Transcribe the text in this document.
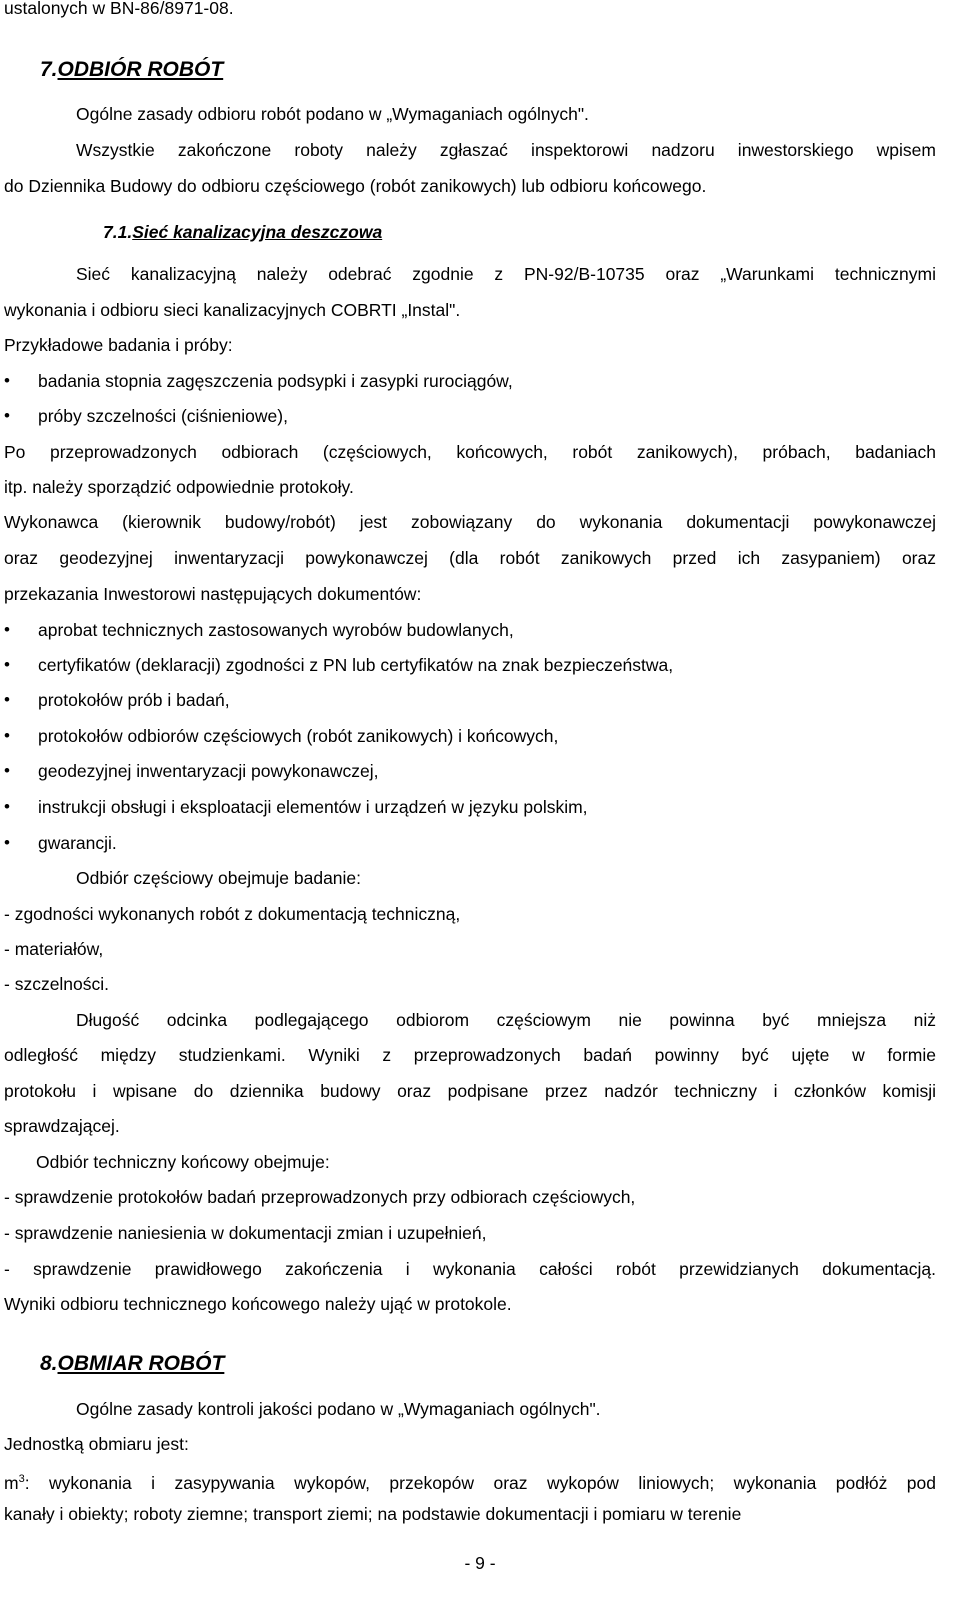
ustalonych w BN-86/8971-08.
7.ODBIÓR ROBÓT
Ogólne zasady odbioru robót podano w „Wymaganiach ogólnych".
Wszystkie zakończone roboty należy zgłaszać inspektorowi nadzoru inwestorskiego wpisem
do Dziennika Budowy do odbioru częściowego (robót zanikowych) lub odbioru końcowego.
7.1.Sieć kanalizacyjna deszczowa
Sieć kanalizacyjną należy odebrać zgodnie z PN-92/B-10735 oraz „Warunkami technicznymi
wykonania i odbioru sieci kanalizacyjnych COBRTI „Instal".
Przykładowe badania i próby:
•	badania stopnia zagęszczenia podsypki i zasypki rurociągów,
•	próby szczelności (ciśnieniowe),
Po przeprowadzonych odbiorach (częściowych, końcowych, robót zanikowych), próbach, badaniach
itp. należy sporządzić odpowiednie protokoły.
Wykonawca (kierownik budowy/robót) jest zobowiązany do wykonania dokumentacji powykonawczej
oraz geodezyjnej inwentaryzacji powykonawczej (dla robót zanikowych przed ich zasypaniem) oraz
przekazania Inwestorowi następujących dokumentów:
•	aprobat technicznych zastosowanych wyrobów budowlanych,
•	certyfikatów (deklaracji) zgodności z PN lub certyfikatów na znak bezpieczeństwa,
•	protokołów prób i badań,
•	protokołów odbiorów częściowych (robót zanikowych) i końcowych,
•	geodezyjnej inwentaryzacji powykonawczej,
•	instrukcji obsługi i eksploatacji elementów i urządzeń w języku polskim,
•	gwarancji.
Odbiór częściowy obejmuje badanie:
- zgodności wykonanych robót z dokumentacją techniczną,
- materiałów,
- szczelności.
Długość odcinka podlegającego odbiorom częściowym nie powinna być mniejsza niż
odległość między studzienkami. Wyniki z przeprowadzonych badań powinny być ujęte w formie
protokołu i wpisane do dziennika budowy oraz podpisane przez nadzór techniczny i członków komisji
sprawdzającej.
Odbiór techniczny końcowy obejmuje:
- sprawdzenie protokołów badań przeprowadzonych przy odbiorach częściowych,
- sprawdzenie naniesienia w dokumentacji zmian i uzupełnień,
- sprawdzenie prawidłowego zakończenia i wykonania całości robót przewidzianych dokumentacją.
Wyniki odbioru technicznego końcowego należy ująć w protokole.
8.OBMIAR ROBÓT
Ogólne zasady kontroli jakości podano w „Wymaganiach ogólnych".
Jednostką obmiaru jest:
$m^3$: wykonania i zasypywania wykopów, przekopów oraz wykopów liniowych; wykonania podłóż pod
kanały i obiekty; roboty ziemne; transport ziemi; na podstawie dokumentacji i pomiaru w terenie
- 9 -
